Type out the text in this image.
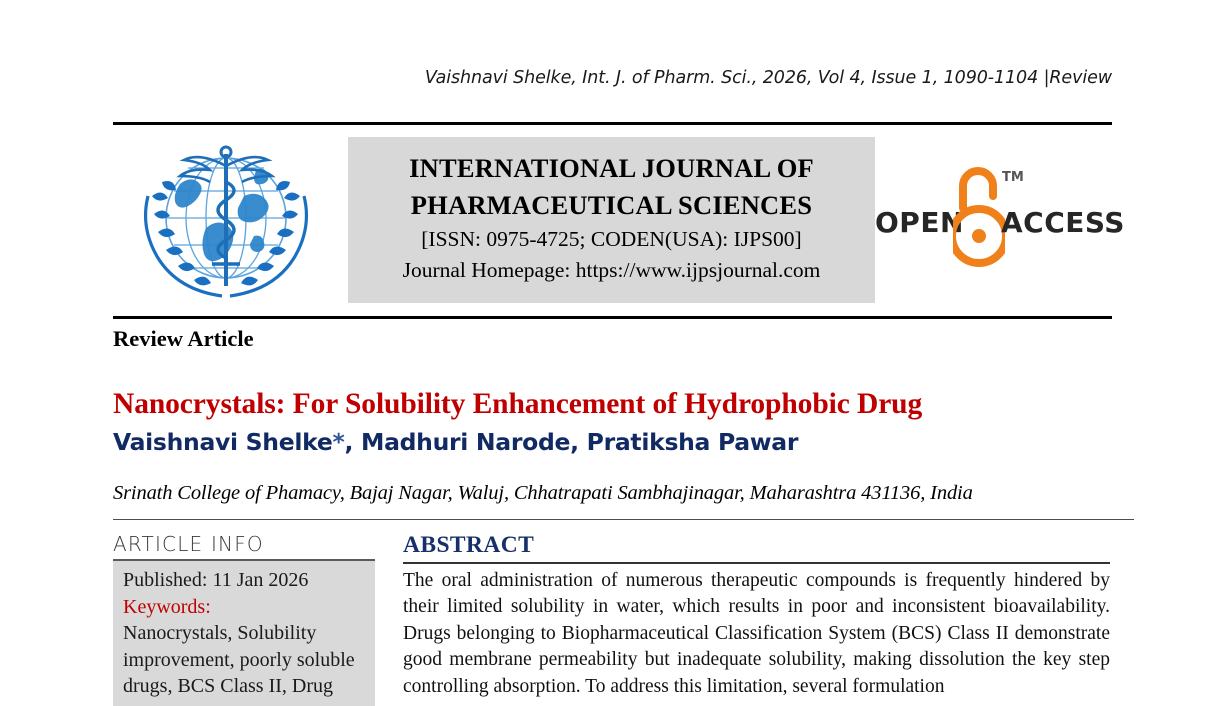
Vaishnavi Shelke, Int. J. of Pharm. Sci., 2026, Vol 4, Issue 1, 1090-1104 |Review
INTERNATIONAL JOURNAL OF
PHARMACEUTICAL SCIENCES
[ISSN: 0975-4725; CODEN(USA): IJPS00]
Journal Homepage: https://www.ijpsjournal.com
OPEN
TM
ACCESS
Review Article
Nanocrystals: For Solubility Enhancement of Hydrophobic Drug
Vaishnavi Shelke*, Madhuri Narode, Pratiksha Pawar
Srinath College of Phamacy, Bajaj Nagar, Waluj, Chhatrapati Sambhajinagar, Maharashtra 431136, India
ARTICLE INFO
Published: 11 Jan 2026
Keywords:
Nanocrystals, Solubility improvement, poorly soluble drugs, BCS Class II, Drug
ABSTRACT
The oral administration of numerous therapeutic compounds is frequently hindered by their limited solubility in water, which results in poor and inconsistent bioavailability. Drugs belonging to Biopharmaceutical Classification System (BCS) Class II demonstrate good membrane permeability but inadequate solubility, making dissolution the key step controlling absorption. To address this limitation, several formulation
